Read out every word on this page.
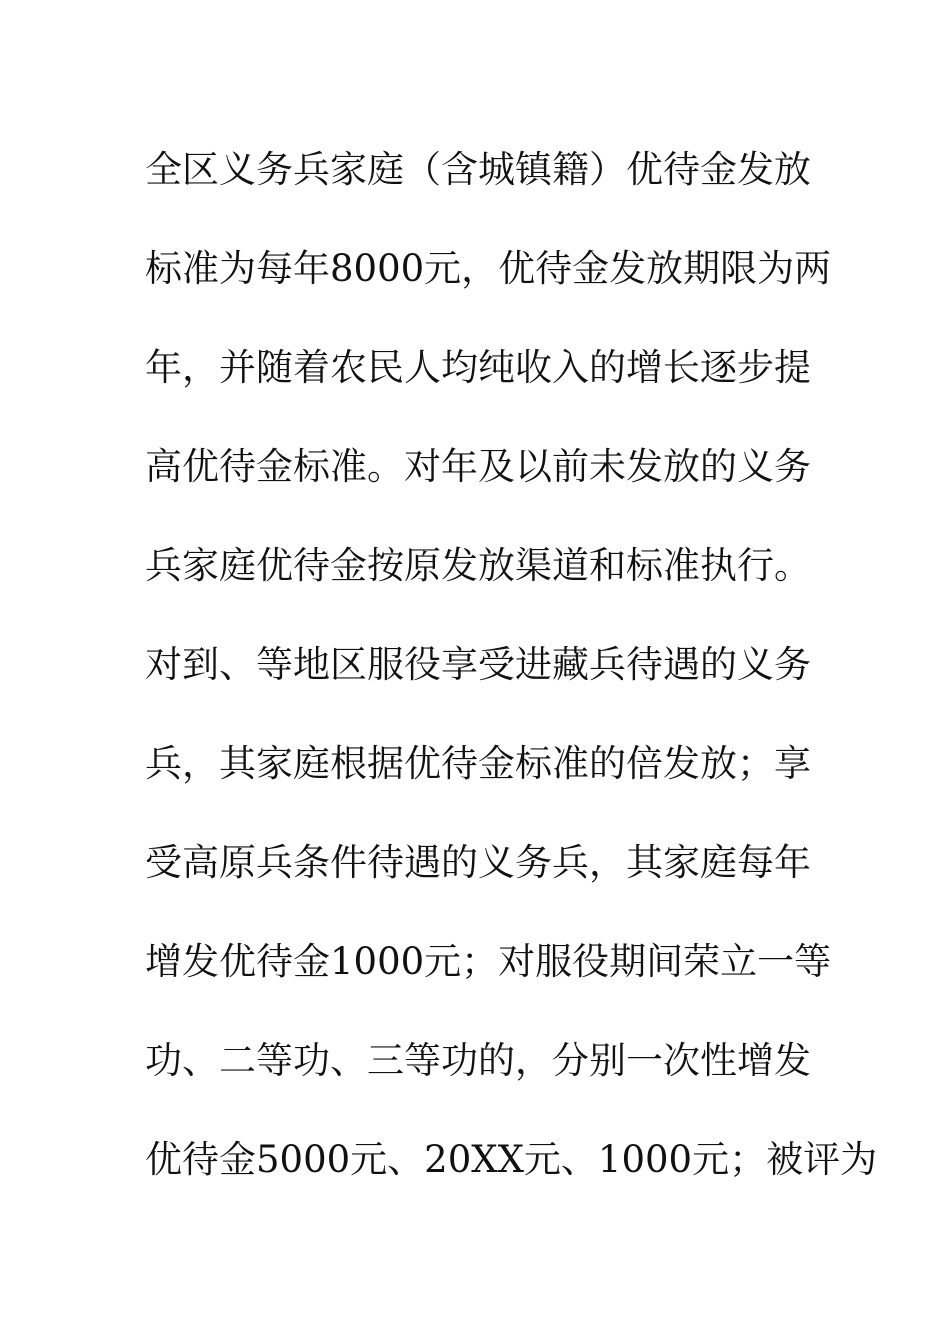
全区义务兵家庭（含城镇籍）优待金发放
标准为每年8000元，优待金发放期限为两
年，并随着农民人均纯收入的增长逐步提
高优待金标准。对年及以前未发放的义务
兵家庭优待金按原发放渠道和标准执行。
对到、等地区服役享受进藏兵待遇的义务
兵，其家庭根据优待金标准的倍发放；享
受高原兵条件待遇的义务兵，其家庭每年
增发优待金1000元；对服役期间荣立一等
功、二等功、三等功的，分别一次性增发
优待金5000元、20XX元、1000元；被评为
